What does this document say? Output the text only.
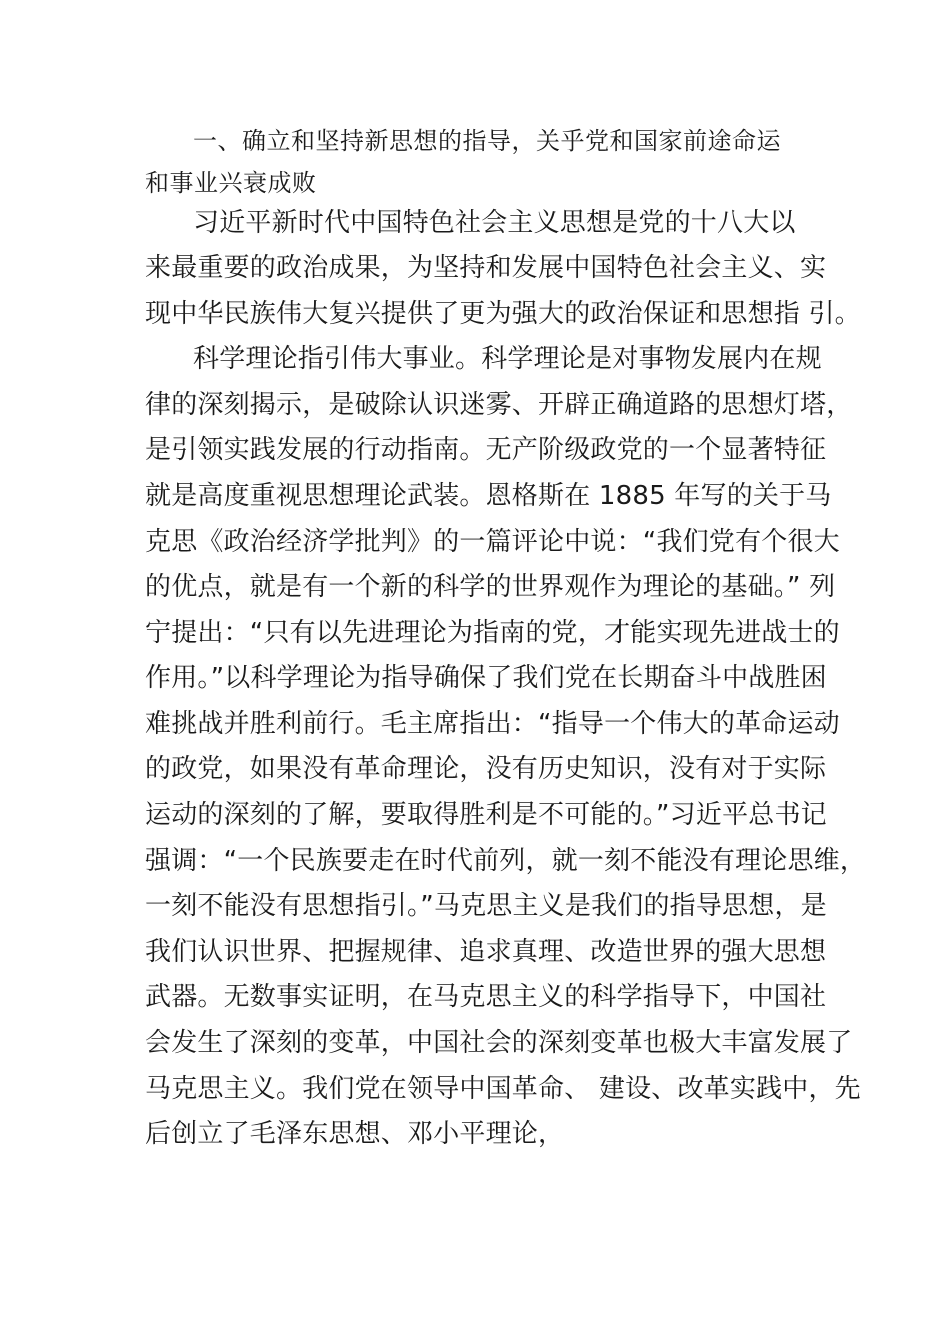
一、确立和坚持新思想的指导，关乎党和国家前途命运
和事业兴衰成败
习近平新时代中国特色社会主义思想是党的十八大以
来最重要的政治成果，为坚持和发展中国特色社会主义、实
现中华民族伟大复兴提供了更为强大的政治保证和思想指 引。
科学理论指引伟大事业。科学理论是对事物发展内在规
律的深刻揭示，是破除认识迷雾、开辟正确道路的思想灯塔，
是引领实践发展的行动指南。无产阶级政党的一个显著特征
就是高度重视思想理论武装。恩格斯在 1885 年写的关于马
克思《政治经济学批判》的一篇评论中说：“我们党有个很大
的优点，就是有一个新的科学的世界观作为理论的基础。” 列
宁提出：“只有以先进理论为指南的党，才能实现先进战士的
作用。”以科学理论为指导确保了我们党在长期奋斗中战胜困
难挑战并胜利前行。毛主席指出：“指导一个伟大的革命运动
的政党，如果没有革命理论，没有历史知识，没有对于实际
运动的深刻的了解，要取得胜利是不可能的。”习近平总书记
强调：“一个民族要走在时代前列，就一刻不能没有理论思维，
一刻不能没有思想指引。”马克思主义是我们的指导思想，是
我们认识世界、把握规律、追求真理、改造世界的强大思想
武器。无数事实证明，在马克思主义的科学指导下，中国社
会发生了深刻的变革，中国社会的深刻变革也极大丰富发展了
马克思主义。我们党在领导中国革命、 建设、改革实践中，先
后创立了毛泽东思想、邓小平理论，
